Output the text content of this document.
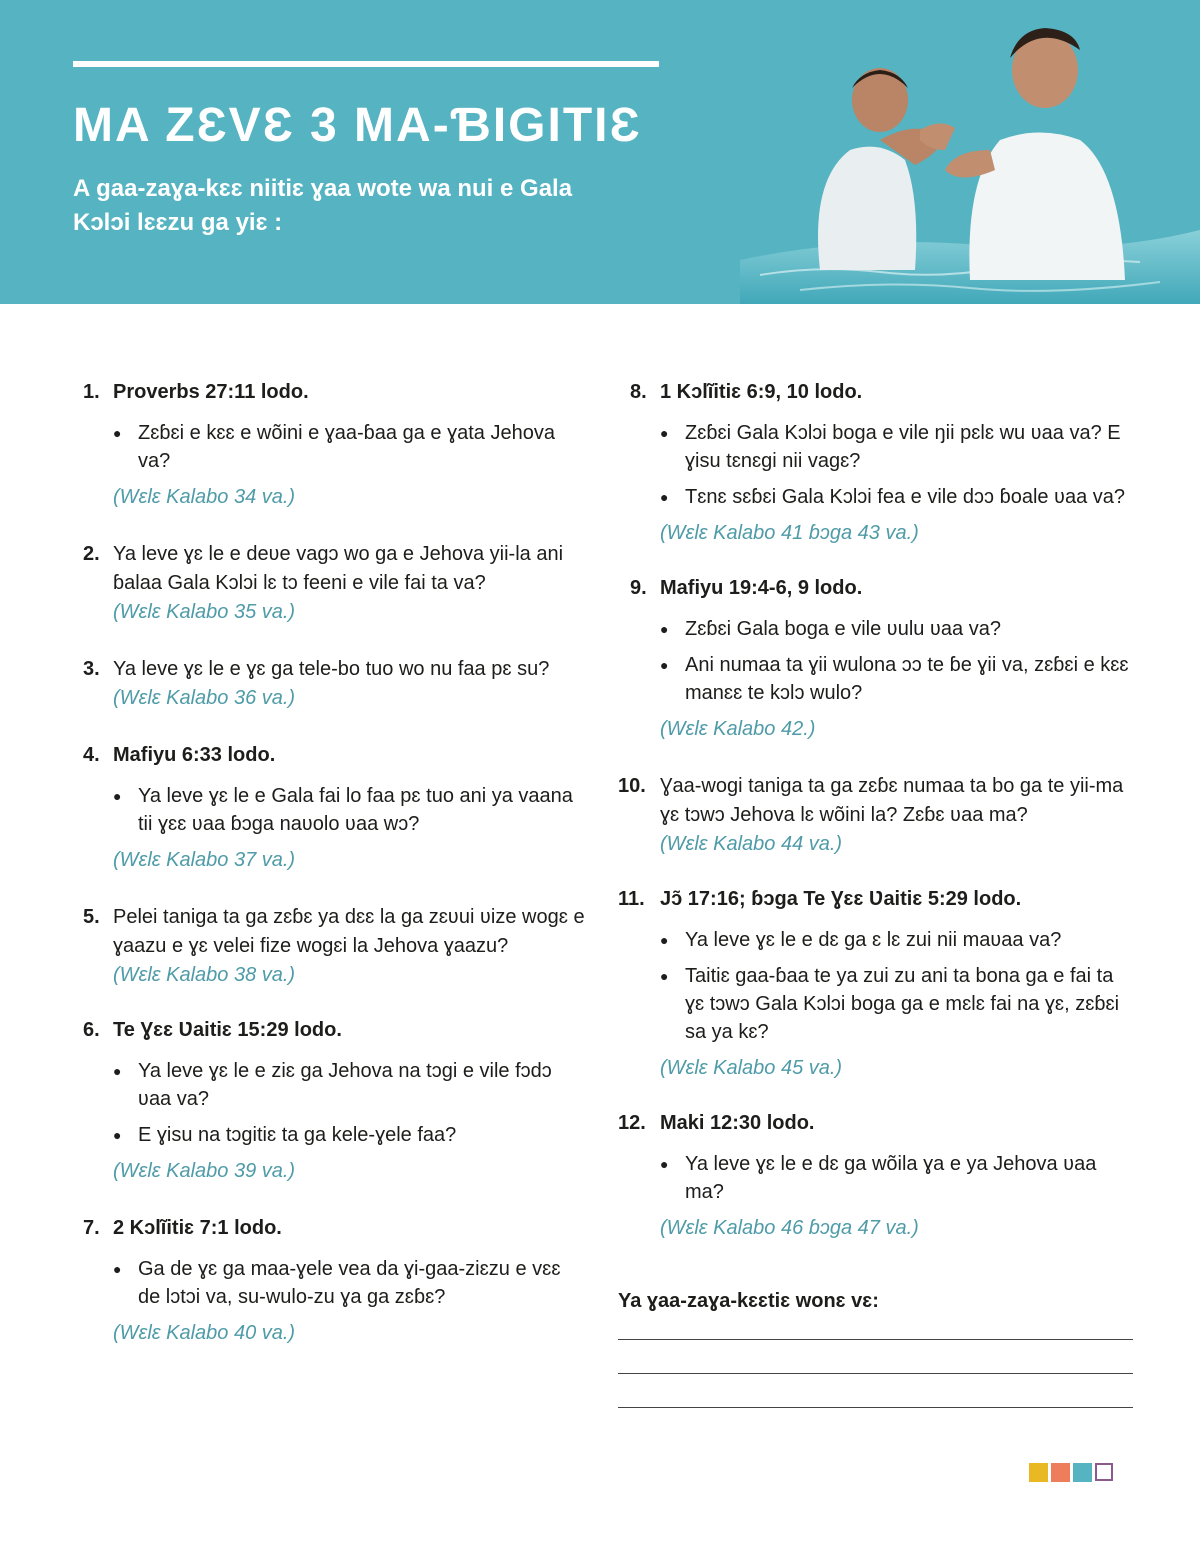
MA ZƐVƐ 3 MA-ƁIGITIƐ

A gaa-zaɣa-kɛɛ niitiɛ ɣaa wote wa nui e Gala Kɔlɔi lɛɛzu ga yiɛ :

1. Proverbs 27:11 lodo.
● Zɛɓɛi e kɛɛ e wõini e ɣaa-ɓaa ga e ɣata Jehova va?
(Wɛlɛ Kalabo 34 va.)
2. Ya leve ɣɛ le e deʋe vagɔ wo ga e Jehova yii-la ani ɓalaa Gala Kɔlɔi lɛ tɔ feeni e vile fai ta va?
(Wɛlɛ Kalabo 35 va.)
3. Ya leve ɣɛ le e ɣɛ ga tele-bo tuo wo nu faa pɛ su?
(Wɛlɛ Kalabo 36 va.)
4. Mafiyu 6:33 lodo.
● Ya leve ɣɛ le e Gala fai lo faa pɛ tuo ani ya vaana tii ɣɛɛ ʋaa ɓɔga naʋolo ʋaa wɔ?
(Wɛlɛ Kalabo 37 va.)
5. Pelei taniga ta ga zɛɓɛ ya dɛɛ la ga zɛʋui ʋize wogɛ e ɣaazu e ɣɛ velei fize wogɛi la Jehova ɣaazu?
(Wɛlɛ Kalabo 38 va.)
6. Te Ɣɛɛ Ʋaitiɛ 15:29 lodo.
● Ya leve ɣɛ le e ziɛ ga Jehova na tɔgi e vile fɔdɔ ʋaa va?
● E ɣisu na tɔgitiɛ ta ga kele-ɣele faa?
(Wɛlɛ Kalabo 39 va.)
7. 2 Kɔlĩitiɛ 7:1 lodo.
● Ga de ɣɛ ga maa-ɣele vea da ɣi-gaa-ziɛzu e vɛɛ de lɔtɔi va, su-wulo-zu ɣa ga zɛɓɛ?
(Wɛlɛ Kalabo 40 va.)
8. 1 Kɔlĩitiɛ 6:9, 10 lodo.
● Zɛɓɛi Gala Kɔlɔi boga e vile ŋii pɛlɛ wu ʋaa va? E ɣisu tɛnɛgi nii vagɛ?
● Tɛnɛ sɛɓɛi Gala Kɔlɔi fea e vile dɔɔ ɓoale ʋaa va?
(Wɛlɛ Kalabo 41 ɓɔga 43 va.)
9. Mafiyu 19:4-6, 9 lodo.
● Zɛɓɛi Gala boga e vile ʋulu ʋaa va?
● Ani numaa ta ɣii wulona ɔɔ te ɓe ɣii va, zɛɓɛi e kɛɛ manɛɛ te kɔlɔ wulo?
(Wɛlɛ Kalabo 42.)
10. Ɣaa-wogi taniga ta ga zɛɓɛ numaa ta bo ga te yii-ma ɣɛ tɔwɔ Jehova lɛ wõini la? Zɛɓɛ ʋaa ma?
(Wɛlɛ Kalabo 44 va.)
11. Jɔ̃ 17:16; ɓɔga Te Ɣɛɛ Ʋaitiɛ 5:29 lodo.
● Ya leve ɣɛ le e dɛ ga ɛ lɛ zui nii maʋaa va?
● Taitiɛ gaa-ɓaa te ya zui zu ani ta bona ga e fai ta ɣɛ tɔwɔ Gala Kɔlɔi boga ga e mɛlɛ fai na ɣɛ, zɛɓɛi sa ya kɛ?
(Wɛlɛ Kalabo 45 va.)
12. Maki 12:30 lodo.
● Ya leve ɣɛ le e dɛ ga wõila ɣa e ya Jehova ʋaa ma?
(Wɛlɛ Kalabo 46 ɓɔga 47 va.)
Ya ɣaa-zaɣa-kɛɛtiɛ wonɛ vɛ:
